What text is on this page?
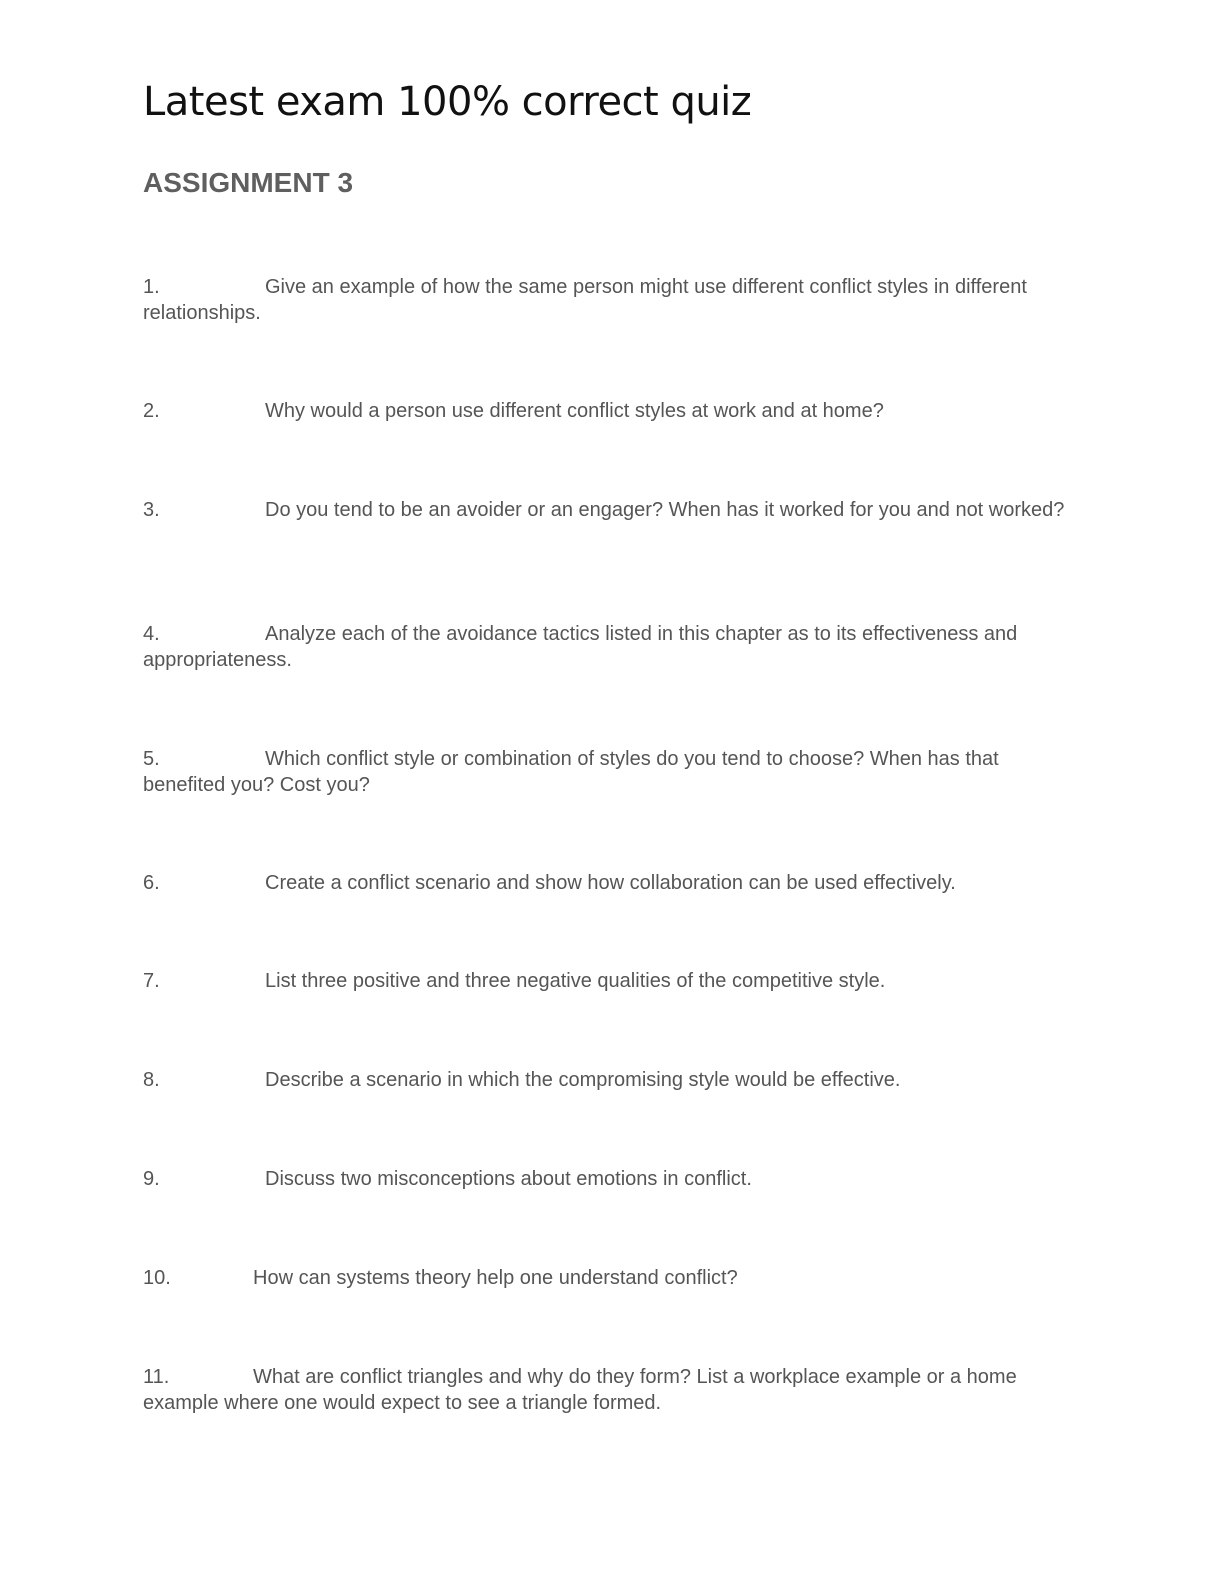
Latest exam 100% correct quiz
ASSIGNMENT 3

1.	Give an example of how the same person might use different conflict styles in different relationships.

2.	Why would a person use different conflict styles at work and at home?

3.	Do you tend to be an avoider or an engager? When has it worked for you and not worked?

4.	Analyze each of the avoidance tactics listed in this chapter as to its effectiveness and appropriateness.

5.	Which conflict style or combination of styles do you tend to choose? When has that benefited you? Cost you?

6.	Create a conflict scenario and show how collaboration can be used effectively.

7.	List three positive and three negative qualities of the competitive style.

8.	Describe a scenario in which the compromising style would be effective.

9.	Discuss two misconceptions about emotions in conflict.

10.	How can systems theory help one understand conflict?

11.	What are conflict triangles and why do they form? List a workplace example or a home example where one would expect to see a triangle formed.
